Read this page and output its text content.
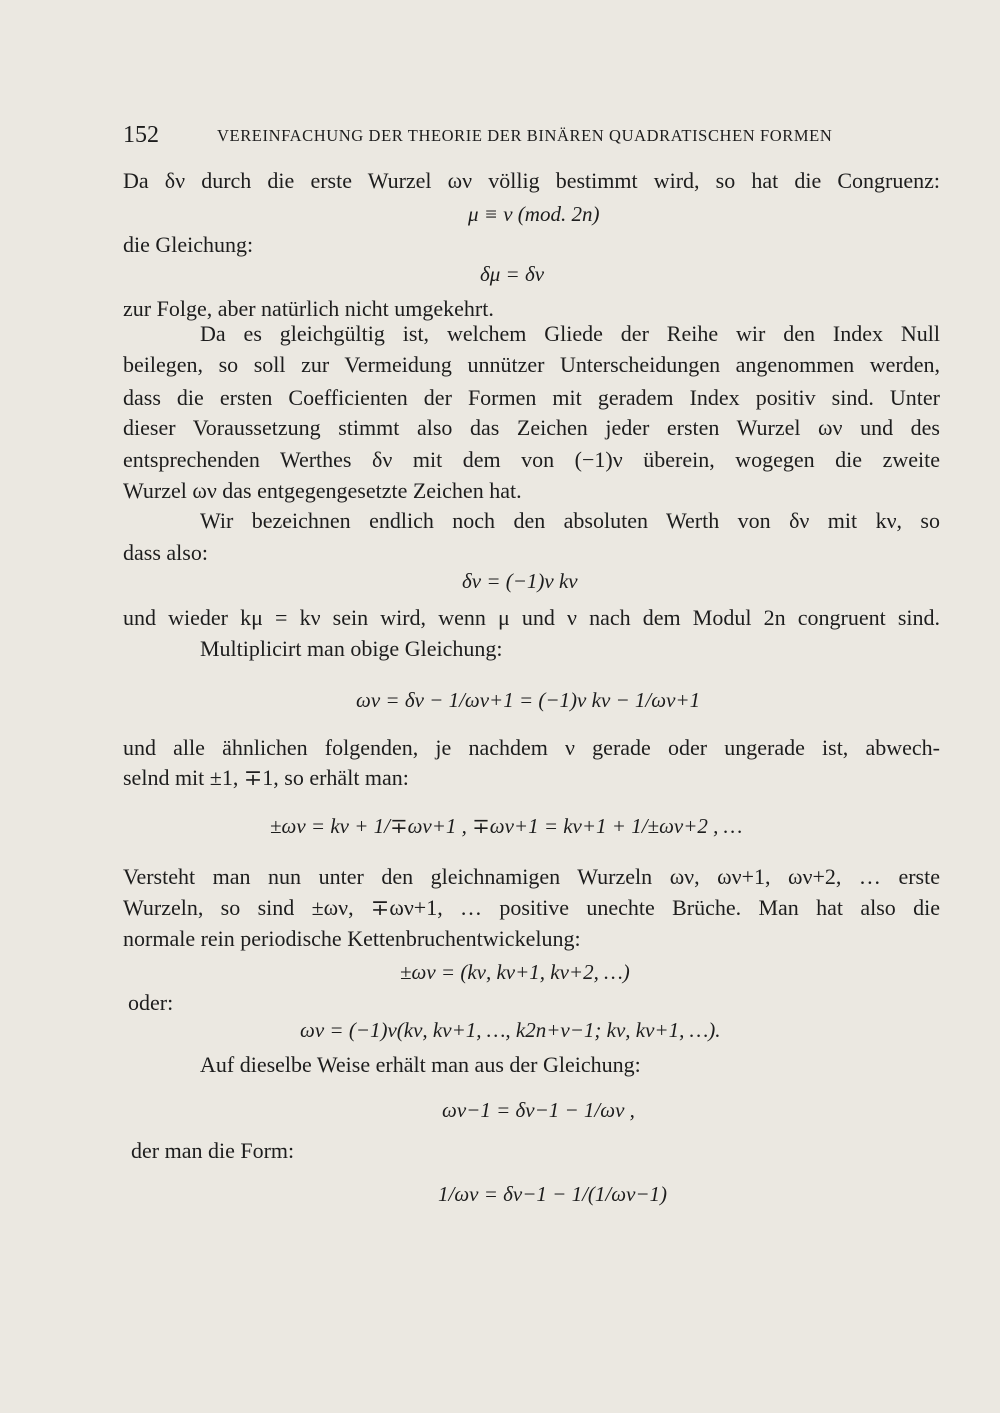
152	VEREINFACHUNG DER THEORIE DER BINÄREN QUADRATISCHEN FORMEN
Da δν durch die erste Wurzel ων völlig bestimmt wird, so hat die Congruenz:
μ ≡ ν (mod. 2n)
die Gleichung:
δμ = δν
zur Folge, aber natürlich nicht umgekehrt.
Da es gleichgültig ist, welchem Gliede der Reihe wir den Index Null
beilegen, so soll zur Vermeidung unnützer Unterscheidungen angenommen werden,
dass die ersten Coefficienten der Formen mit geradem Index positiv sind. Unter
dieser Voraussetzung stimmt also das Zeichen jeder ersten Wurzel ων und des
entsprechenden Werthes δν mit dem von (−1)ν überein, wogegen die zweite
Wurzel ων das entgegengesetzte Zeichen hat.
Wir bezeichnen endlich noch den absoluten Werth von δν mit kν, so
dass also:
δν = (−1)ν kν
und wieder kμ = kν sein wird, wenn μ und ν nach dem Modul 2n congruent sind.
Multiplicirt man obige Gleichung:
ων = δν − 1/ων+1 = (−1)ν kν − 1/ων+1
und alle ähnlichen folgenden, je nachdem ν gerade oder ungerade ist, abwech-
selnd mit ±1, ∓1, so erhält man:
±ων = kν + 1/∓ων+1 , ∓ων+1 = kν+1 + 1/±ων+2 , …
Versteht man nun unter den gleichnamigen Wurzeln ων, ων+1, ων+2, … erste
Wurzeln, so sind ±ων, ∓ων+1, … positive unechte Brüche. Man hat also die
normale rein periodische Kettenbruchentwickelung:
±ων = (kν, kν+1, kν+2, …)
oder:
ων = (−1)ν(kν, kν+1, …, k2n+ν−1; kν, kν+1, …).
Auf dieselbe Weise erhält man aus der Gleichung:
ων−1 = δν−1 − 1/ων ,
der man die Form:
1/ων = δν−1 − 1/(1/ων−1)
